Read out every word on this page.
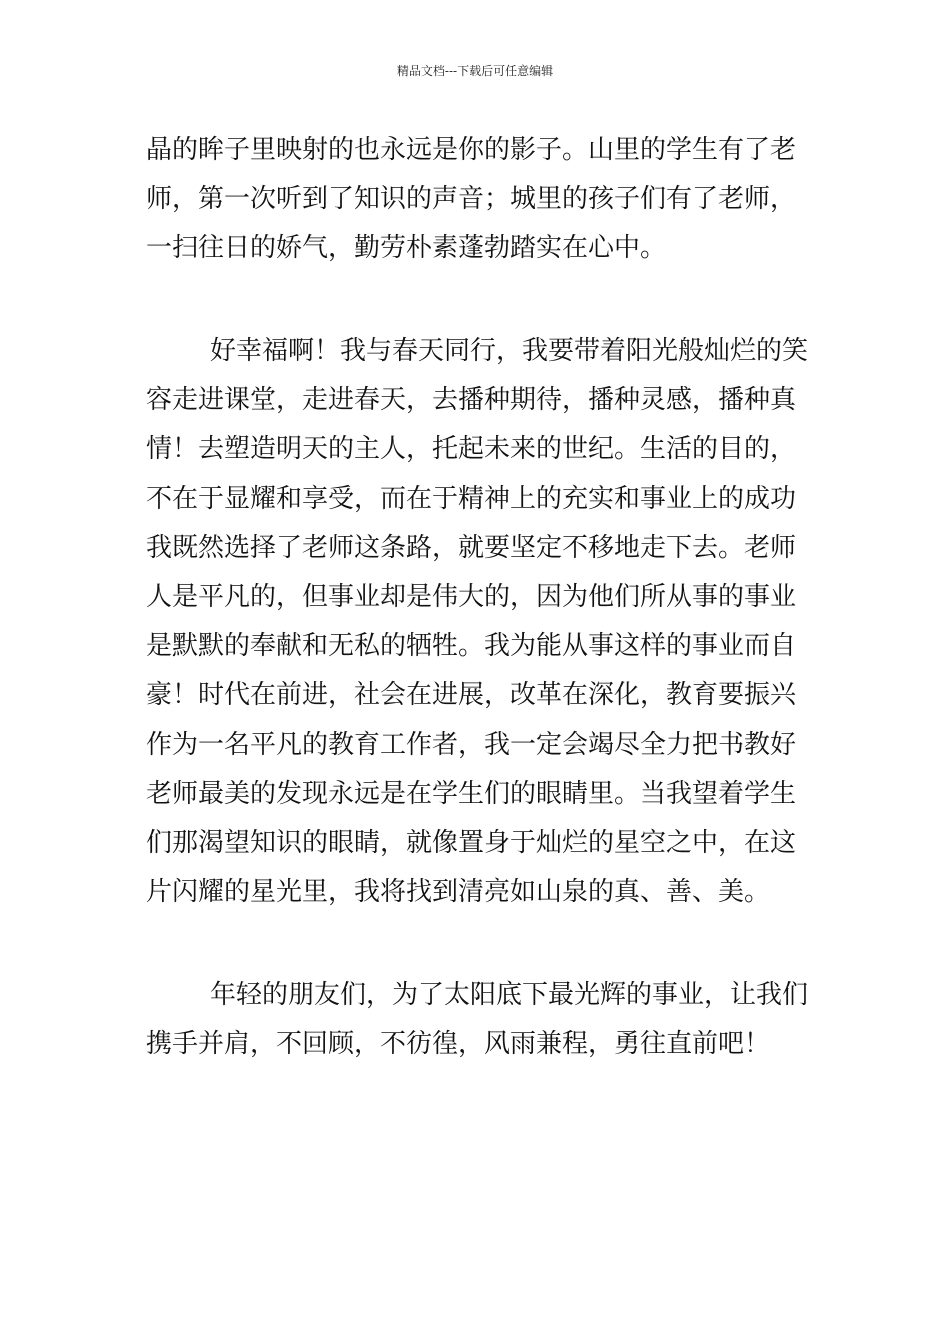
精品文档---下载后可任意编辑
晶的眸子里映射的也永远是你的影子。山里的学生有了老
师，第一次听到了知识的声音；城里的孩子们有了老师，
一扫往日的娇气，勤劳朴素蓬勃踏实在心中。
好幸福啊！我与春天同行，我要带着阳光般灿烂的笑
容走进课堂，走进春天，去播种期待，播种灵感，播种真
情！去塑造明天的主人，托起未来的世纪。生活的目的，
不在于显耀和享受，而在于精神上的充实和事业上的成功
我既然选择了老师这条路，就要坚定不移地走下去。老师
人是平凡的，但事业却是伟大的，因为他们所从事的事业
是默默的奉献和无私的牺牲。我为能从事这样的事业而自
豪！时代在前进，社会在进展，改革在深化，教育要振兴
作为一名平凡的教育工作者，我一定会竭尽全力把书教好
老师最美的发现永远是在学生们的眼睛里。当我望着学生
们那渴望知识的眼睛，就像置身于灿烂的星空之中，在这
片闪耀的星光里，我将找到清亮如山泉的真、善、美。
年轻的朋友们，为了太阳底下最光辉的事业，让我们
携手并肩，不回顾，不彷徨，风雨兼程，勇往直前吧！
